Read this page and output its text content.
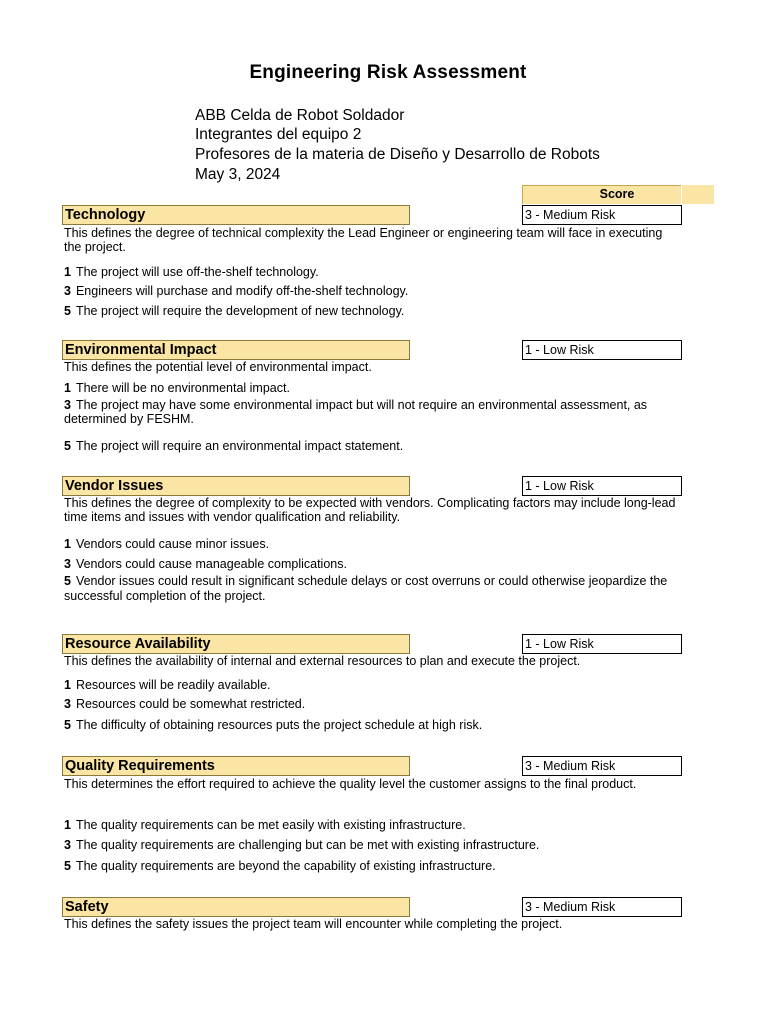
Engineering Risk Assessment
ABB Celda de Robot Soldador
Integrantes del equipo 2
Profesores de la materia de Diseño y Desarrollo de Robots
May 3, 2024
Score
Technology	3 - Medium Risk
This defines the degree of technical complexity the Lead Engineer or engineering team will face in executing the project.
1 The project will use off-the-shelf technology.
3 Engineers will purchase and modify off-the-shelf technology.
5 The project will require the development of new technology.
Environmental Impact	1 - Low Risk
This defines the potential level of environmental impact.
1 There will be no environmental impact.
3 The project may have some environmental impact but will not require an environmental assessment, as determined by FESHM.
5 The project will require an environmental impact statement.
Vendor Issues	1 - Low Risk
This defines the degree of complexity to be expected with vendors. Complicating factors may include long-lead time items and issues with vendor qualification and reliability.
1 Vendors could cause minor issues.
3 Vendors could cause manageable complications.
5 Vendor issues could result in significant schedule delays or cost overruns or could otherwise jeopardize the successful completion of the project.
Resource Availability	1 - Low Risk
This defines the availability of internal and external resources to plan and execute the project.
1 Resources will be readily available.
3 Resources could be somewhat restricted.
5 The difficulty of obtaining resources puts the project schedule at high risk.
Quality Requirements	3 - Medium Risk
This determines the effort required to achieve the quality level the customer assigns to the final product.
1 The quality requirements can be met easily with existing infrastructure.
3 The quality requirements are challenging but can be met with existing infrastructure.
5 The quality requirements are beyond the capability of existing infrastructure.
Safety	3 - Medium Risk
This defines the safety issues the project team will encounter while completing the project.
